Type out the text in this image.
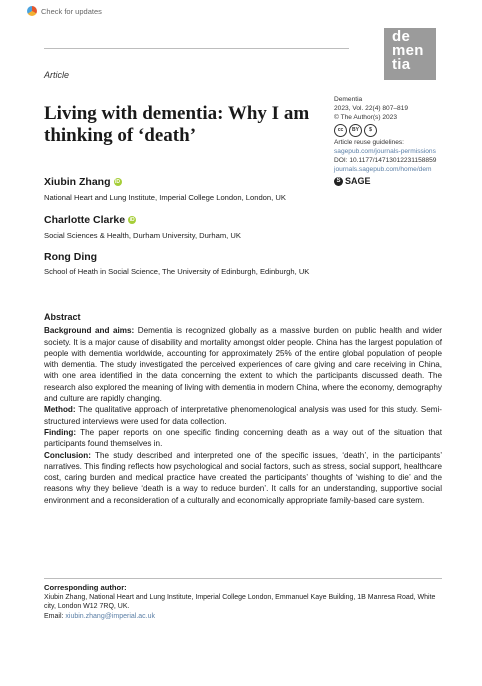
Check for updates
de
men
tia
Article
Living with dementia: Why I am thinking of ‘death’
Dementia
2023, Vol. 22(4) 807–819
© The Author(s) 2023
cc	BY	$
Article reuse guidelines:
sagepub.com/journals-permissions
DOI: 10.1177/14713012231158859
journals.sagepub.com/home/dem
S SAGE
Xiubin Zhang iD
National Heart and Lung Institute, Imperial College London, London, UK
Charlotte Clarke iD
Social Sciences & Health, Durham University, Durham, UK
Rong Ding
School of Heath in Social Science, The University of Edinburgh, Edinburgh, UK
Abstract

Background and aims: Dementia is recognized globally as a massive burden on public health and wider society. It is a major cause of disability and mortality amongst older people. China has the largest population of people with dementia worldwide, accounting for approximately 25% of the entire global population of people with dementia. The study investigated the perceived experiences of care giving and care receiving in China, with one area identified in the data concerning the extent to which the participants discussed death. The research also explored the meaning of living with dementia in modern China, where the economy, demography and culture are rapidly changing.

Method: The qualitative approach of interpretative phenomenological analysis was used for this study. Semi-structured interviews were used for data collection.

Finding: The paper reports on one specific finding concerning death as a way out of the situation that participants found themselves in.

Conclusion: The study described and interpreted one of the specific issues, ‘death’, in the participants’ narratives. This finding reflects how psychological and social factors, such as stress, social support, healthcare cost, caring burden and medical practice have created the participants’ thoughts of ‘wishing to die’ and the reasons why they believe ‘death is a way to reduce burden’. It calls for an understanding, supportive social environment and a reconsideration of a culturally and economically appropriate family-based care system.

Corresponding author:
Xiubin Zhang, National Heart and Lung Institute, Imperial College London, Emmanuel Kaye Building, 1B Manresa Road, White city, London W12 7RQ, UK.
Email: xiubin.zhang@imperial.ac.uk
